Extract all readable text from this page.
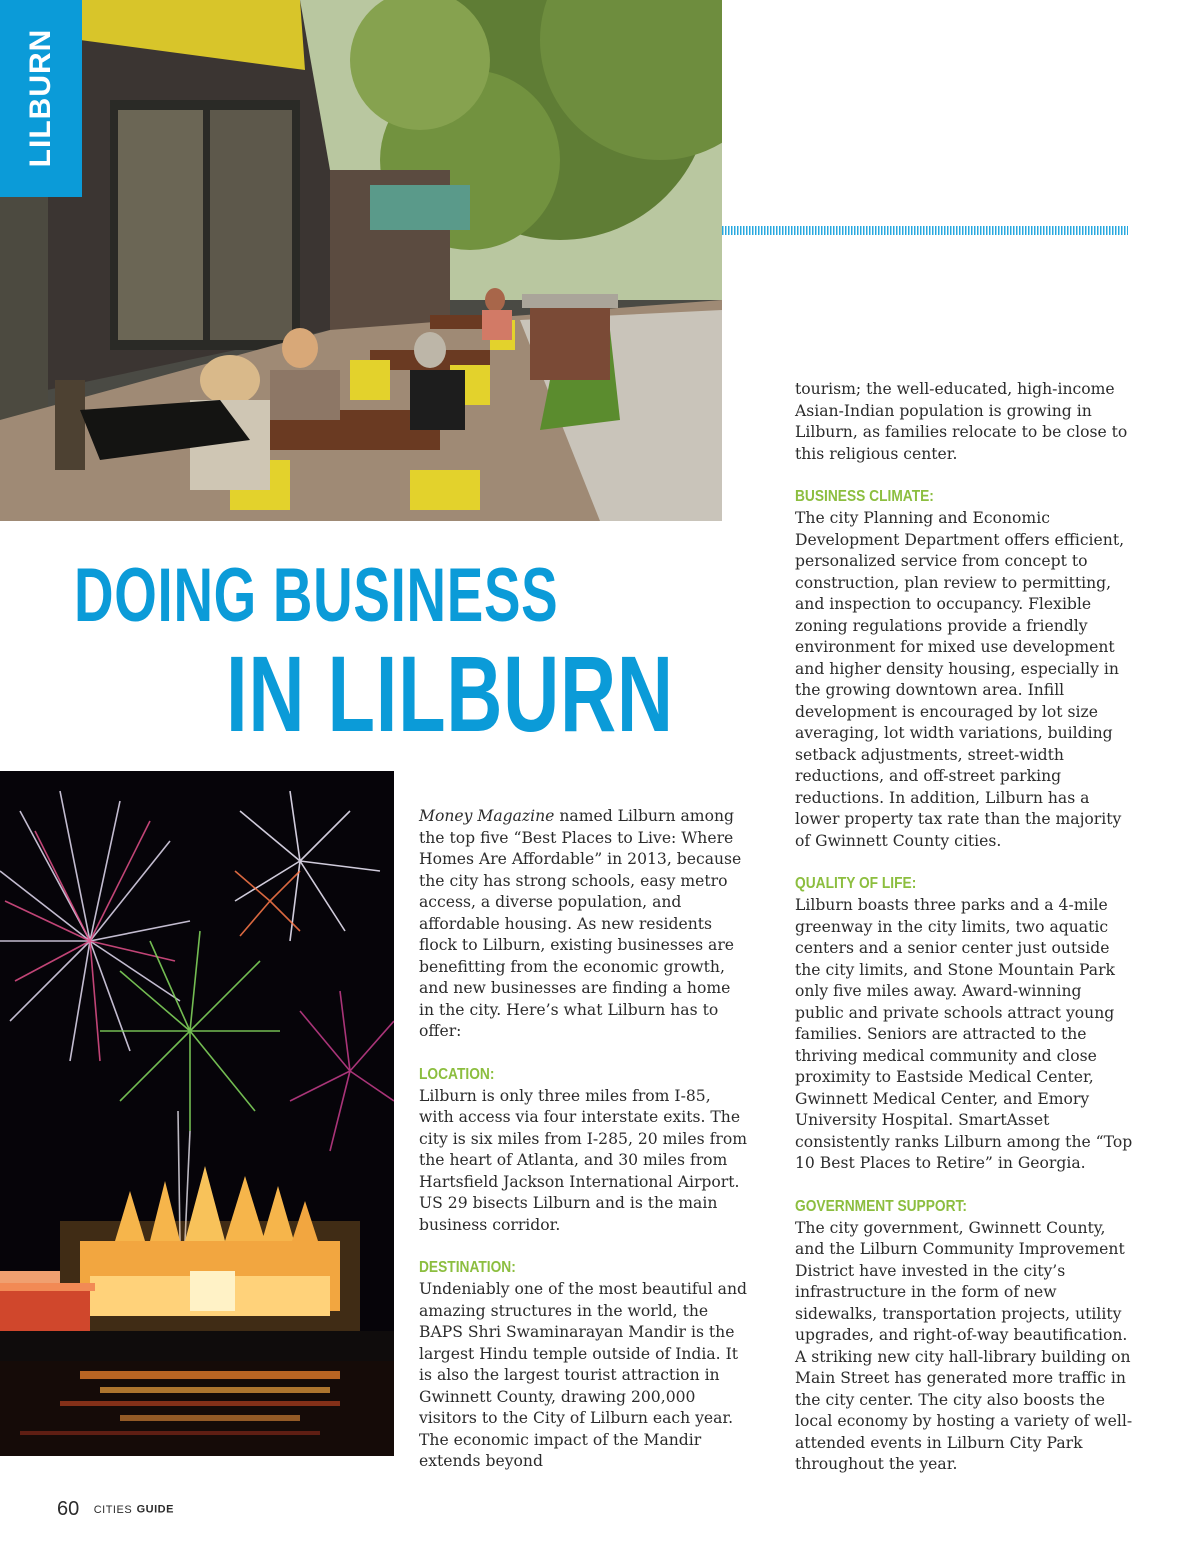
LILBURN
DOING BUSINESS
IN LILBURN

Money Magazine named Lilburn among the top five “Best Places to Live: Where Homes Are Affordable” in 2013, because the city has strong schools, easy metro access, a diverse population, and affordable housing. As new residents flock to Lilburn, existing businesses are benefitting from the economic growth, and new businesses are finding a home in the city. Here’s what Lilburn has to offer:

LOCATION:

Lilburn is only three miles from I-85, with access via four interstate exits. The city is six miles from I-285, 20 miles from the heart of Atlanta, and 30 miles from Hartsfield Jackson International Airport. US 29 bisects Lilburn and is the main business corridor.

DESTINATION:

Undeniably one of the most beautiful and amazing structures in the world, the BAPS Shri Swaminarayan Mandir is the largest Hindu temple outside of India. It is also the largest tourist attraction in Gwinnett County, drawing 200,000 visitors to the City of Lilburn each year. The economic impact of the Mandir extends beyond

tourism; the well-educated, high-income Asian-Indian population is growing in Lilburn, as families relocate to be close to this religious center.

BUSINESS CLIMATE:

The city Planning and Economic Development Department offers efficient, personalized service from concept to construction, plan review to permitting, and inspection to occupancy. Flexible zoning regulations provide a friendly environment for mixed use development and higher density housing, especially in the growing downtown area. Infill development is encouraged by lot size averaging, lot width variations, building setback adjustments, street-width reductions, and off-street parking reductions. In addition, Lilburn has a lower property tax rate than the majority of Gwinnett County cities.

QUALITY OF LIFE:

Lilburn boasts three parks and a 4-mile greenway in the city limits, two aquatic centers and a senior center just outside the city limits, and Stone Mountain Park only five miles away. Award-winning public and private schools attract young families. Seniors are attracted to the thriving medical community and close proximity to Eastside Medical Center, Gwinnett Medical Center, and Emory University Hospital. SmartAsset consistently ranks Lilburn among the “Top 10 Best Places to Retire” in Georgia.

GOVERNMENT SUPPORT:

The city government, Gwinnett County, and the Lilburn Community Improvement District have invested in the city’s infrastructure in the form of new sidewalks, transportation projects, utility upgrades, and right-of-way beautification. A striking new city hall-library building on Main Street has generated more traffic in the city center. The city also boosts the local economy by hosting a variety of well-attended events in Lilburn City Park throughout the year.

60 CITIES GUIDE
